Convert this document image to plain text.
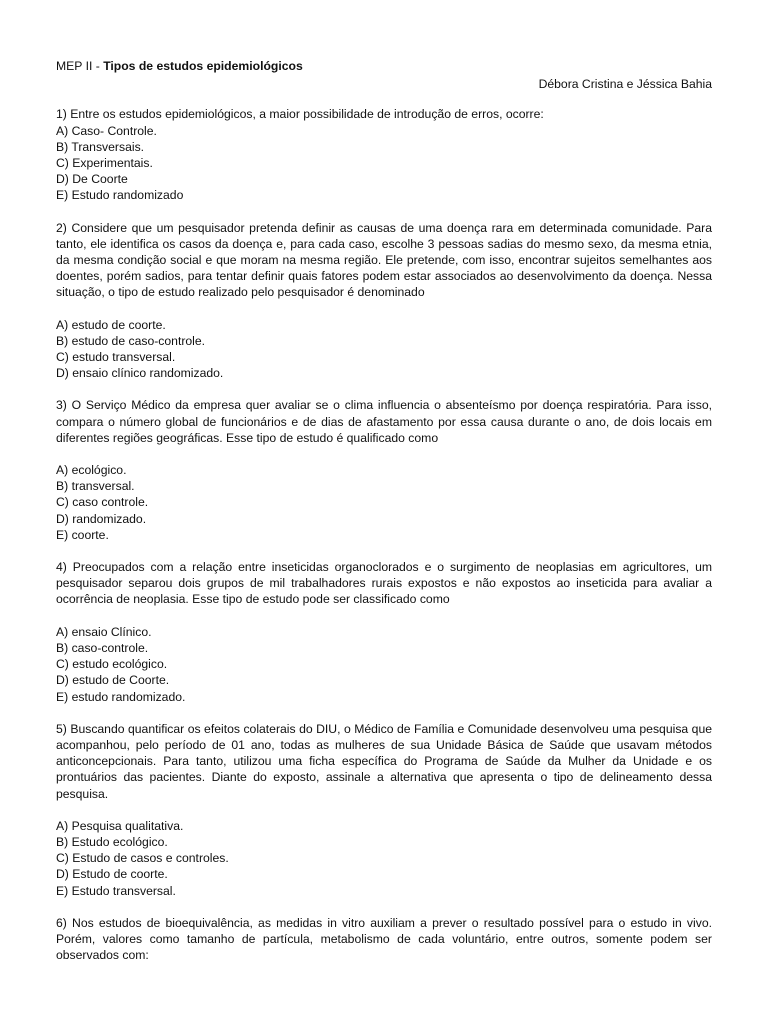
MEP II - Tipos de estudos epidemiológicos

Débora Cristina e Jéssica Bahia

1) Entre os estudos epidemiológicos, a maior possibilidade de introdução de erros, ocorre:

A) Caso- Controle.
B) Transversais.
C) Experimentais.
D) De Coorte
E) Estudo randomizado

2) Considere que um pesquisador pretenda definir as causas de uma doença rara em determinada comunidade. Para tanto, ele identifica os casos da doença e, para cada caso, escolhe 3 pessoas sadias do mesmo sexo, da mesma etnia, da mesma condição social e que moram na mesma região. Ele pretende, com isso, encontrar sujeitos semelhantes aos doentes, porém sadios, para tentar definir quais fatores podem estar associados ao desenvolvimento da doença. Nessa situação, o tipo de estudo realizado pelo pesquisador é denominado

A) estudo de coorte.
B) estudo de caso-controle.
C) estudo transversal.
D) ensaio clínico randomizado.

3) O Serviço Médico da empresa quer avaliar se o clima influencia o absenteísmo por doença respiratória. Para isso, compara o número global de funcionários e de dias de afastamento por essa causa durante o ano, de dois locais em diferentes regiões geográficas. Esse tipo de estudo é qualificado como

A) ecológico.
B) transversal.
C) caso controle.
D) randomizado.
E) coorte.

4) Preocupados com a relação entre inseticidas organoclorados e o surgimento de neoplasias em agricultores, um pesquisador separou dois grupos de mil trabalhadores rurais expostos e não expostos ao inseticida para avaliar a ocorrência de neoplasia. Esse tipo de estudo pode ser classificado como

A) ensaio Clínico.
B) caso-controle.
C) estudo ecológico.
D) estudo de Coorte.
E) estudo randomizado.

5) Buscando quantificar os efeitos colaterais do DIU, o Médico de Família e Comunidade desenvolveu uma pesquisa que acompanhou, pelo período de 01 ano, todas as mulheres de sua Unidade Básica de Saúde que usavam métodos anticoncepcionais. Para tanto, utilizou uma ficha específica do Programa de Saúde da Mulher da Unidade e os prontuários das pacientes. Diante do exposto, assinale a alternativa que apresenta o tipo de delineamento dessa pesquisa.

A) Pesquisa qualitativa.
B) Estudo ecológico.
C) Estudo de casos e controles.
D) Estudo de coorte.
E) Estudo transversal.

6) Nos estudos de bioequivalência, as medidas in vitro auxiliam a prever o resultado possível para o estudo in vivo. Porém, valores como tamanho de partícula, metabolismo de cada voluntário, entre outros, somente podem ser observados com:
